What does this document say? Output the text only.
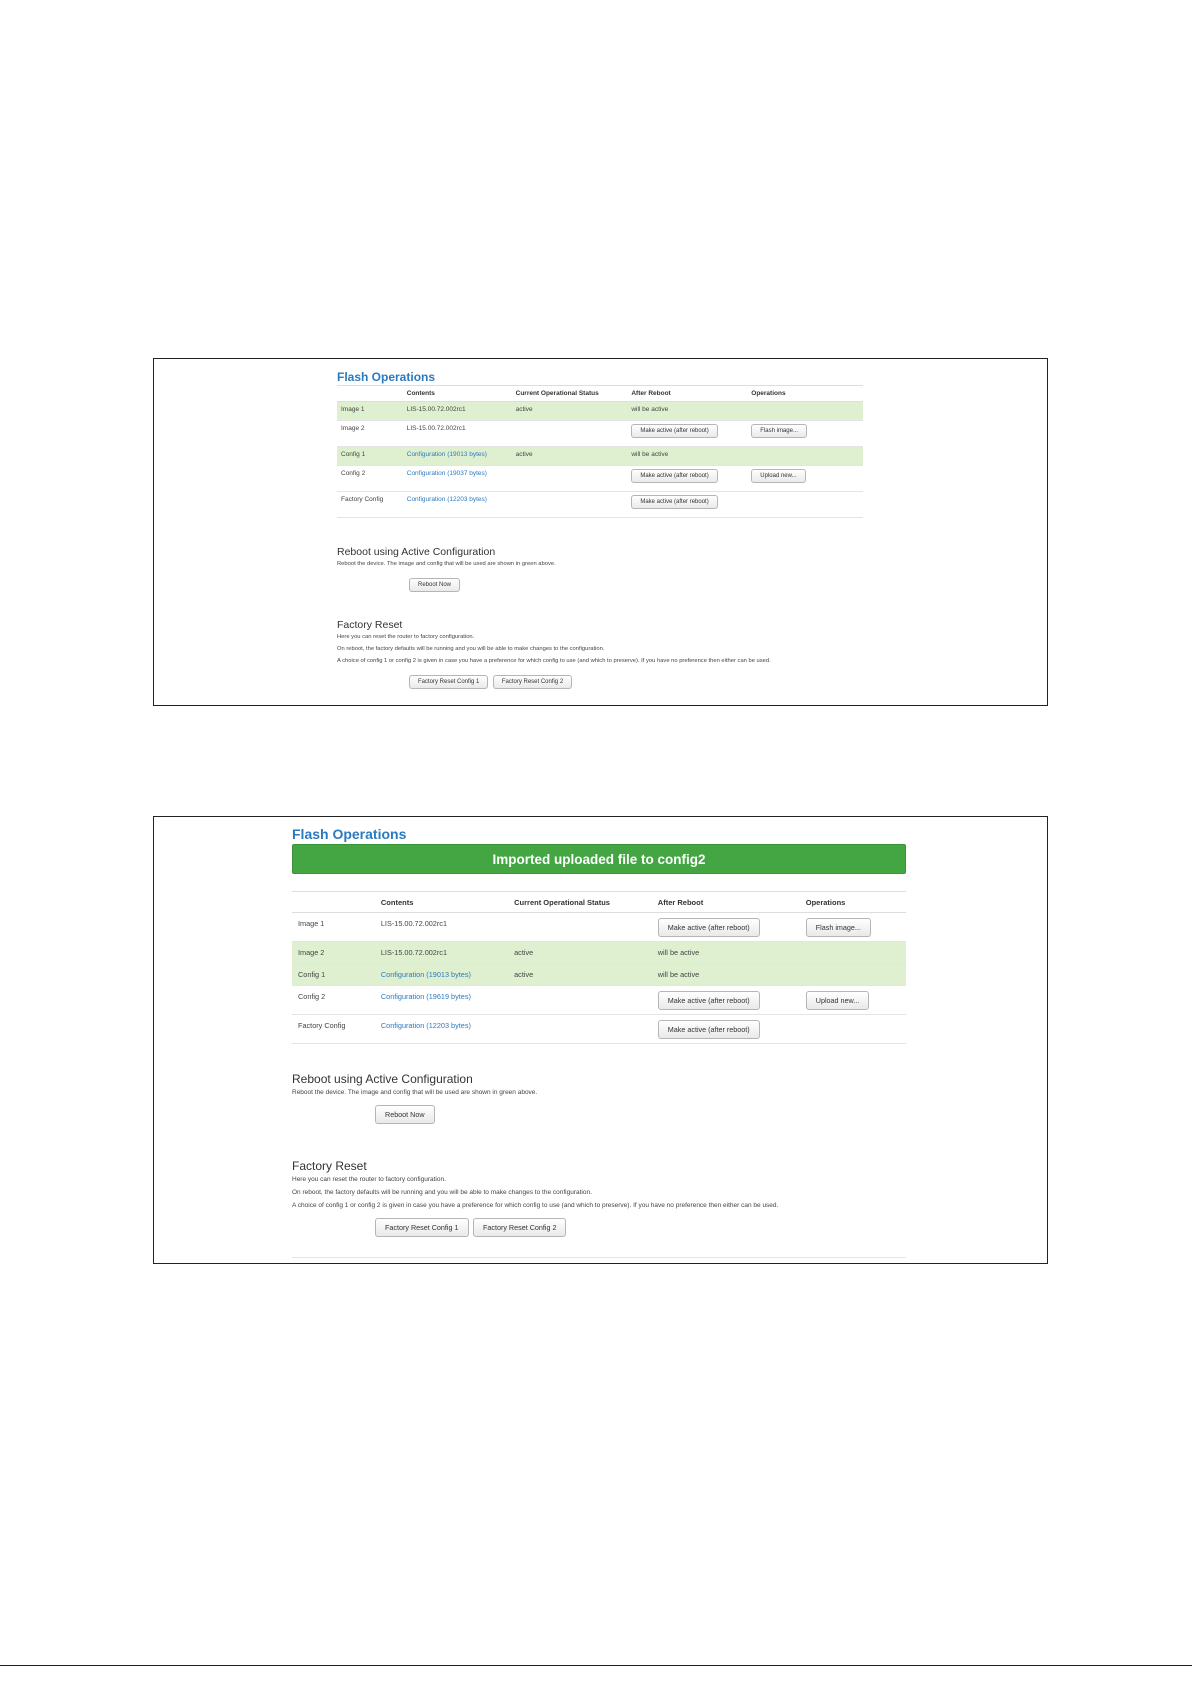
Flash Operations
	Contents	Current Operational Status	After Reboot	Operations
Image 1	LIS-15.00.72.002rc1	active	will be active	
Image 2	LIS-15.00.72.002rc1		Make active (after reboot)	Flash image...
Config 1	Configuration (19013 bytes)	active	will be active	
Config 2	Configuration (19037 bytes)		Make active (after reboot)	Upload new...
Factory Config	Configuration (12203 bytes)		Make active (after reboot)	
Reboot using Active Configuration
Reboot the device. The image and config that will be used are shown in green above.
Reboot Now
Factory Reset
Here you can reset the router to factory configuration.
On reboot, the factory defaults will be running and you will be able to make changes to the configuration.
A choice of config 1 or config 2 is given in case you have a preference for which config to use (and which to preserve). If you have no preference then either can be used.
Factory Reset Config 1	Factory Reset Config 2
Flash Operations
Imported uploaded file to config2
	Contents	Current Operational Status	After Reboot	Operations
Image 1	LIS-15.00.72.002rc1		Make active (after reboot)	Flash image...
Image 2	LIS-15.00.72.002rc1	active	will be active	
Config 1	Configuration (19013 bytes)	active	will be active	
Config 2	Configuration (19619 bytes)		Make active (after reboot)	Upload new...
Factory Config	Configuration (12203 bytes)		Make active (after reboot)	
Reboot using Active Configuration
Reboot the device. The image and config that will be used are shown in green above.
Reboot Now
Factory Reset
Here you can reset the router to factory configuration.
On reboot, the factory defaults will be running and you will be able to make changes to the configuration.
A choice of config 1 or config 2 is given in case you have a preference for which config to use (and which to preserve). If you have no preference then either can be used.
Factory Reset Config 1	Factory Reset Config 2
